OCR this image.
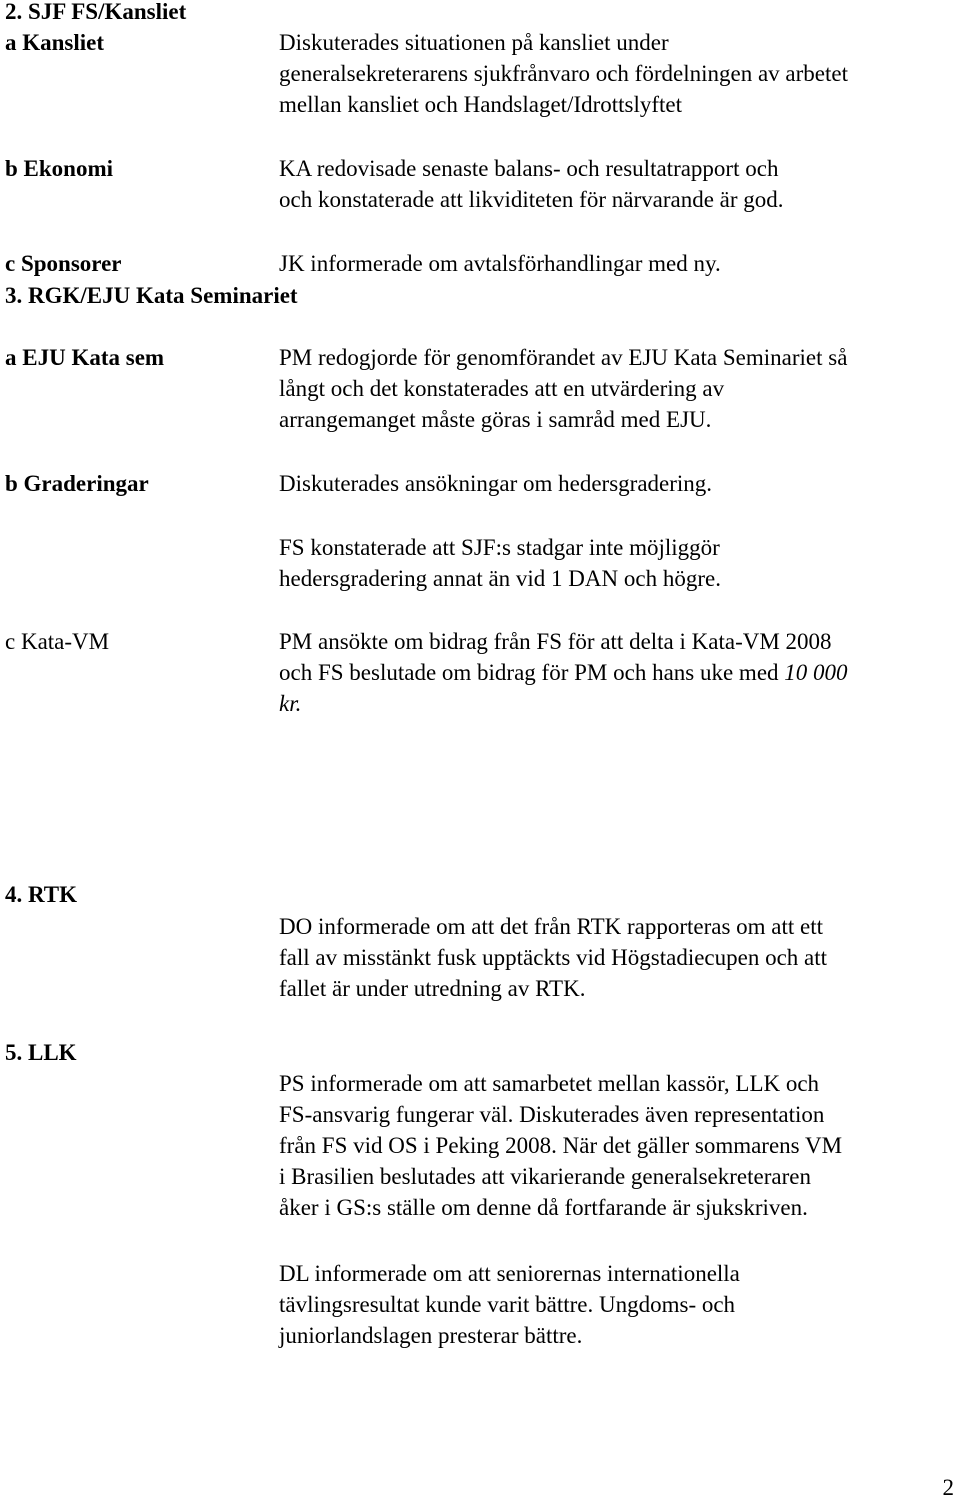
2. SJF FS/Kansliet
a Kansliet	Diskuterades situationen på kansliet under
generalsekreterarens sjukfrånvaro och fördelningen av arbetet
mellan kansliet och Handslaget/Idrottslyftet
b Ekonomi	KA redovisade senaste balans- och resultatrapport och
och konstaterade att likviditeten för närvarande är god.
c Sponsorer	JK informerade om avtalsförhandlingar med ny.
3. RGK/EJU Kata Seminariet
a EJU Kata sem	PM redogjorde för genomförandet av EJU Kata Seminariet så
långt och det konstaterades att en utvärdering av
arrangemanget måste göras i samråd med EJU.
b Graderingar	Diskuterades ansökningar om hedersgradering.
FS konstaterade att SJF:s stadgar inte möjliggör
hedersgradering annat än vid 1 DAN och högre.
c Kata-VM	PM ansökte om bidrag från FS för att delta i Kata-VM 2008
och FS beslutade om bidrag för PM och hans uke med 10 000
kr.
4. RTK
DO informerade om att det från RTK rapporteras om att ett
fall av misstänkt fusk upptäckts vid Högstadiecupen och att
fallet är under utredning av RTK.
5. LLK
PS informerade om att samarbetet mellan kassör, LLK och
FS-ansvarig fungerar väl. Diskuterades även representation
från FS vid OS i Peking 2008. När det gäller sommarens VM
i Brasilien beslutades att vikarierande generalsekreteraren
åker i GS:s ställe om denne då fortfarande är sjukskriven.
DL informerade om att seniorernas internationella
tävlingsresultat kunde varit bättre. Ungdoms- och
juniorlandslagen presterar bättre.
2
